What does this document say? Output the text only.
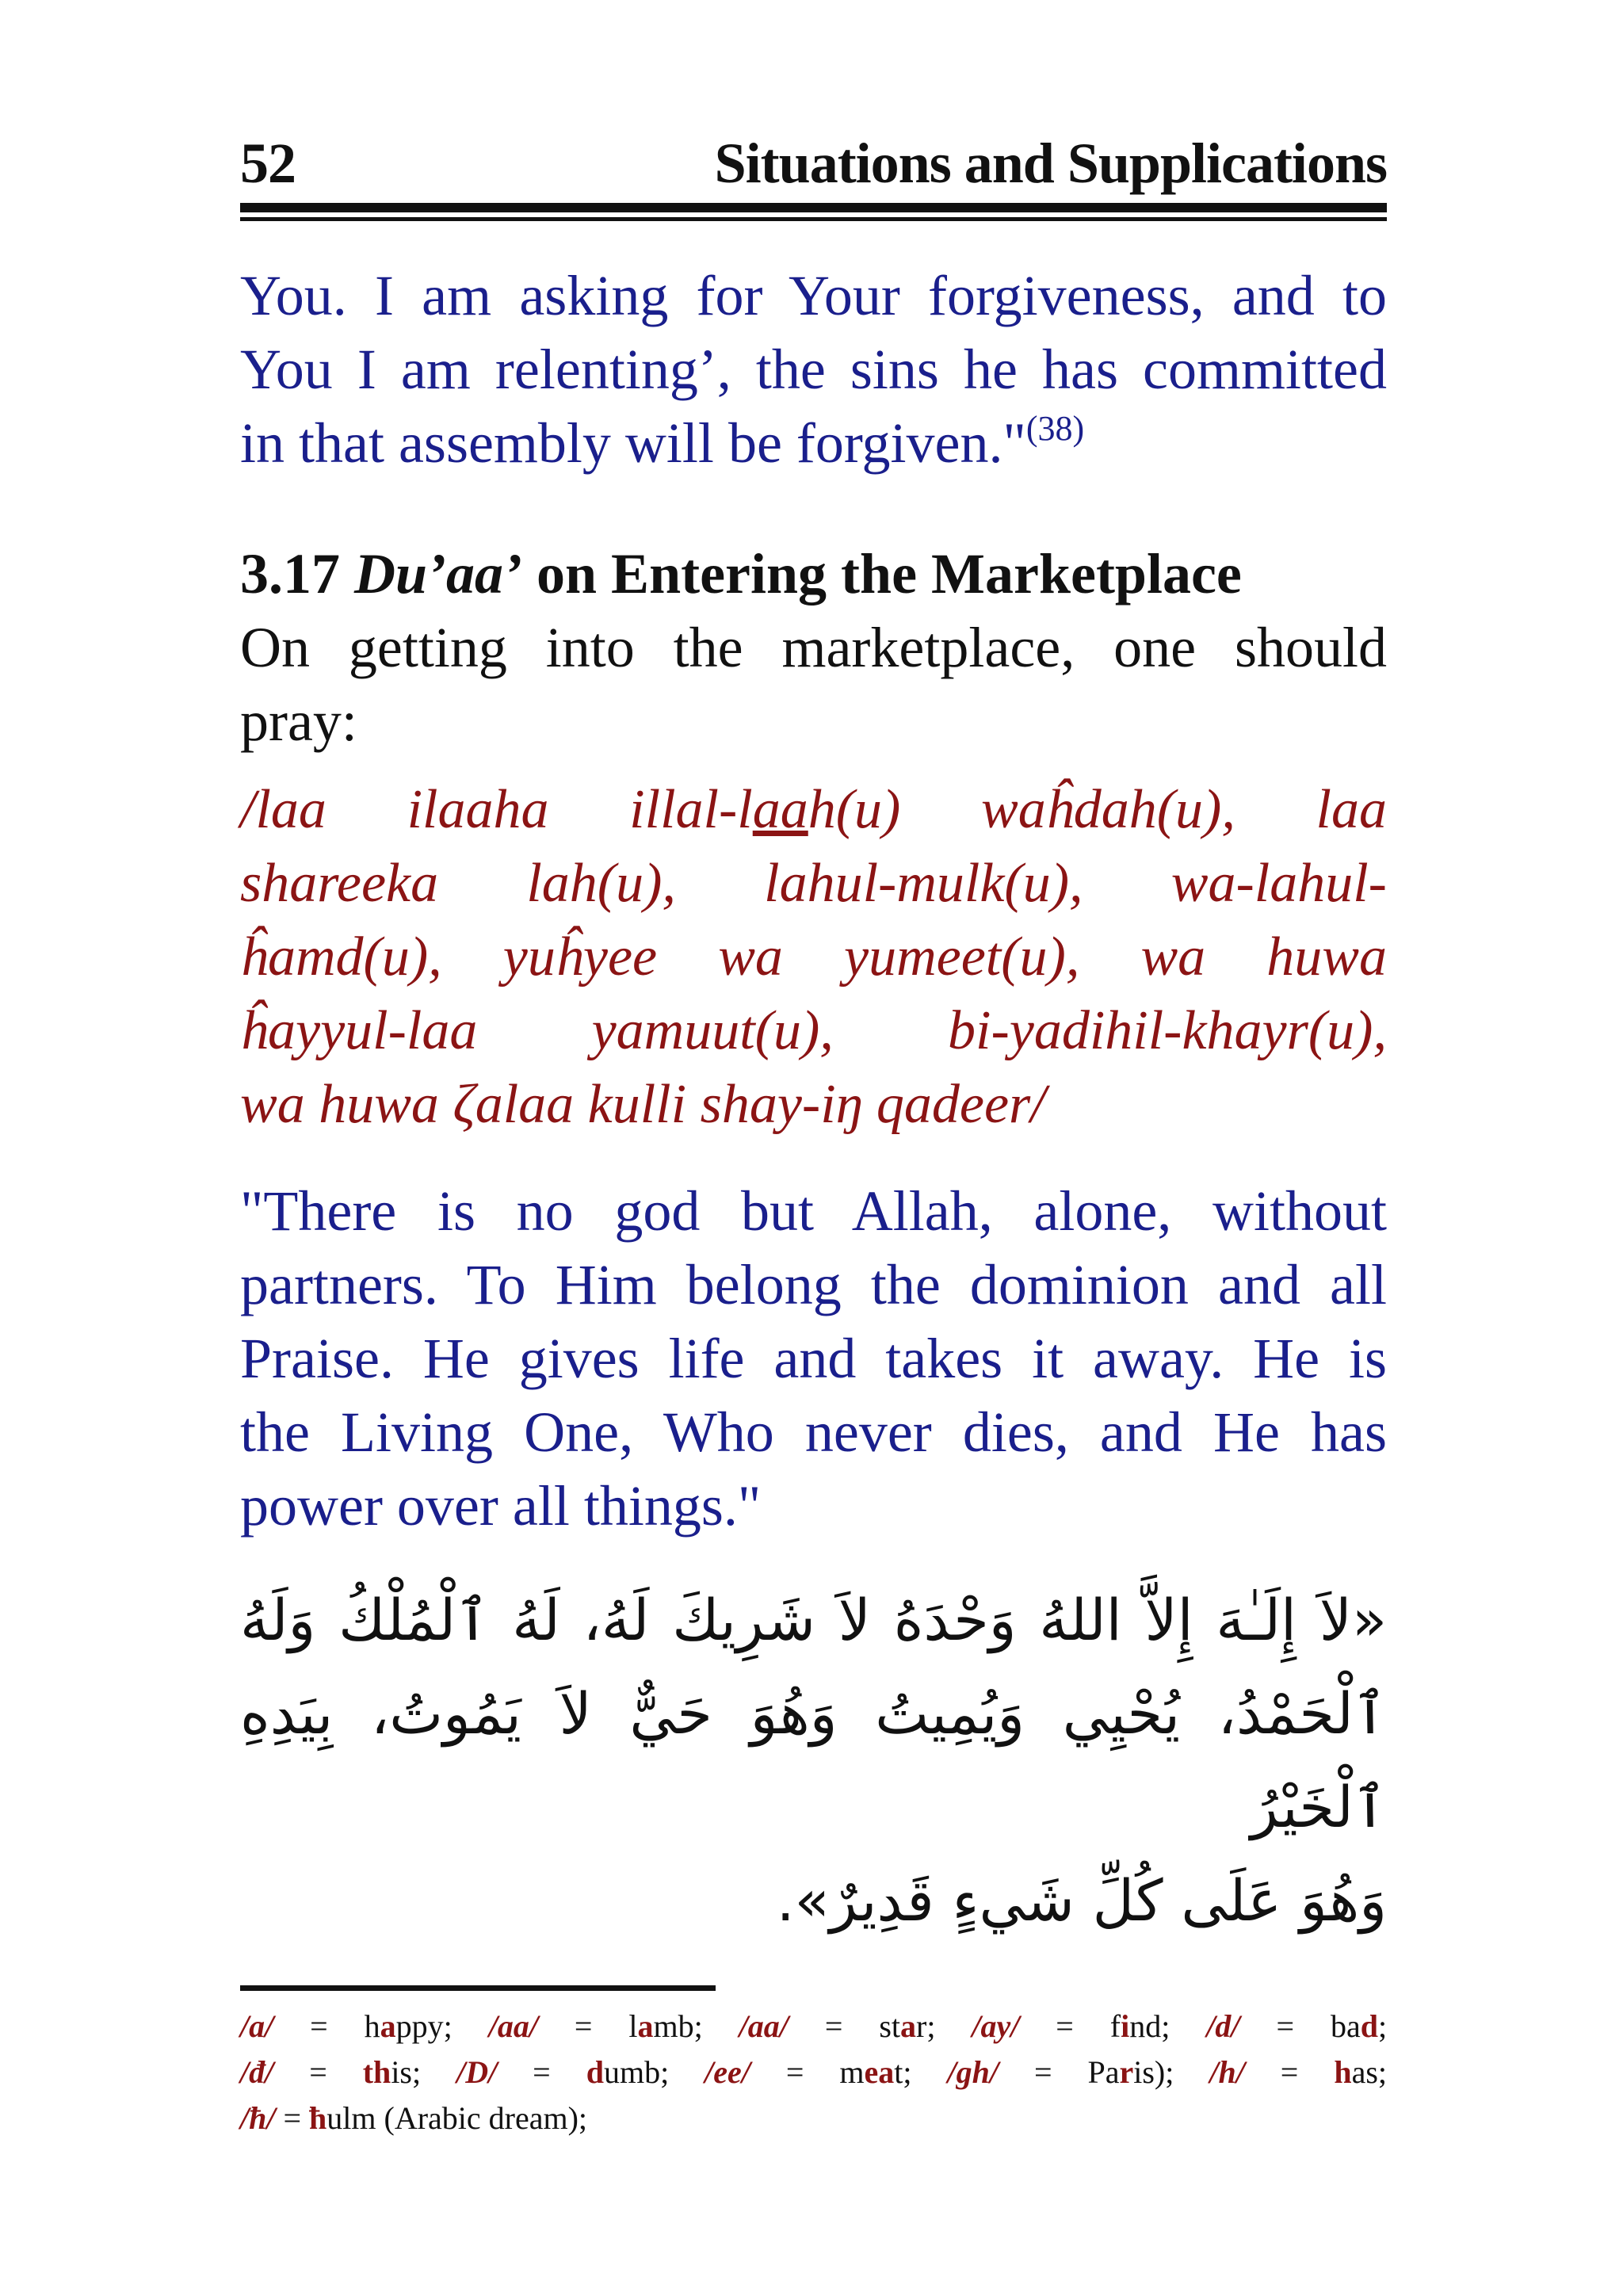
52	Situations and Supplications
You. I am asking for Your forgiveness, and to
You I am relenting’, the sins he has committed
in that assembly will be forgiven."$^{(38)}$
3.17 Du’aa’ on Entering the Marketplace
On getting into the marketplace, one should
pray:
/laa ilaaha illal-laah(u) waĥdah(u), laa
shareeka lah(u), lahul-mulk(u), wa-lahul-
ĥamd(u), yuĥyee wa yumeet(u), wa huwa
ĥayyul-laa yamuut(u), bi-yadihil-khayr(u),
wa huwa ζalaa kulli shay-iŋ qadeer/
"There is no god but Allah, alone, without
partners. To Him belong the dominion and all
Praise. He gives life and takes it away. He is
the Living One, Who never dies, and He has
power over all things."
«لاَ إِلَـٰهَ إِلاَّ اللهُ وَحْدَهُ لاَ شَرِيكَ لَهُ، لَهُ ٱلْمُلْكُ وَلَهُ
ٱلْحَمْدُ، يُحْيِي وَيُمِيتُ وَهُوَ حَيٌّ لاَ يَمُوتُ، بِيَدِهِ ٱلْخَيْرُ
وَهُوَ عَلَى كُلِّ شَيءٍ قَدِيرٌ».
/a/ = happy; /aa/ = lamb; /aa/ = star; /ay/ = find; /d/ = bad;
/đ/ = this; /D/ = dumb; /ee/ = meat; /gh/ = Paris); /h/ = has;
/ħ/ = ħulm (Arabic dream);
